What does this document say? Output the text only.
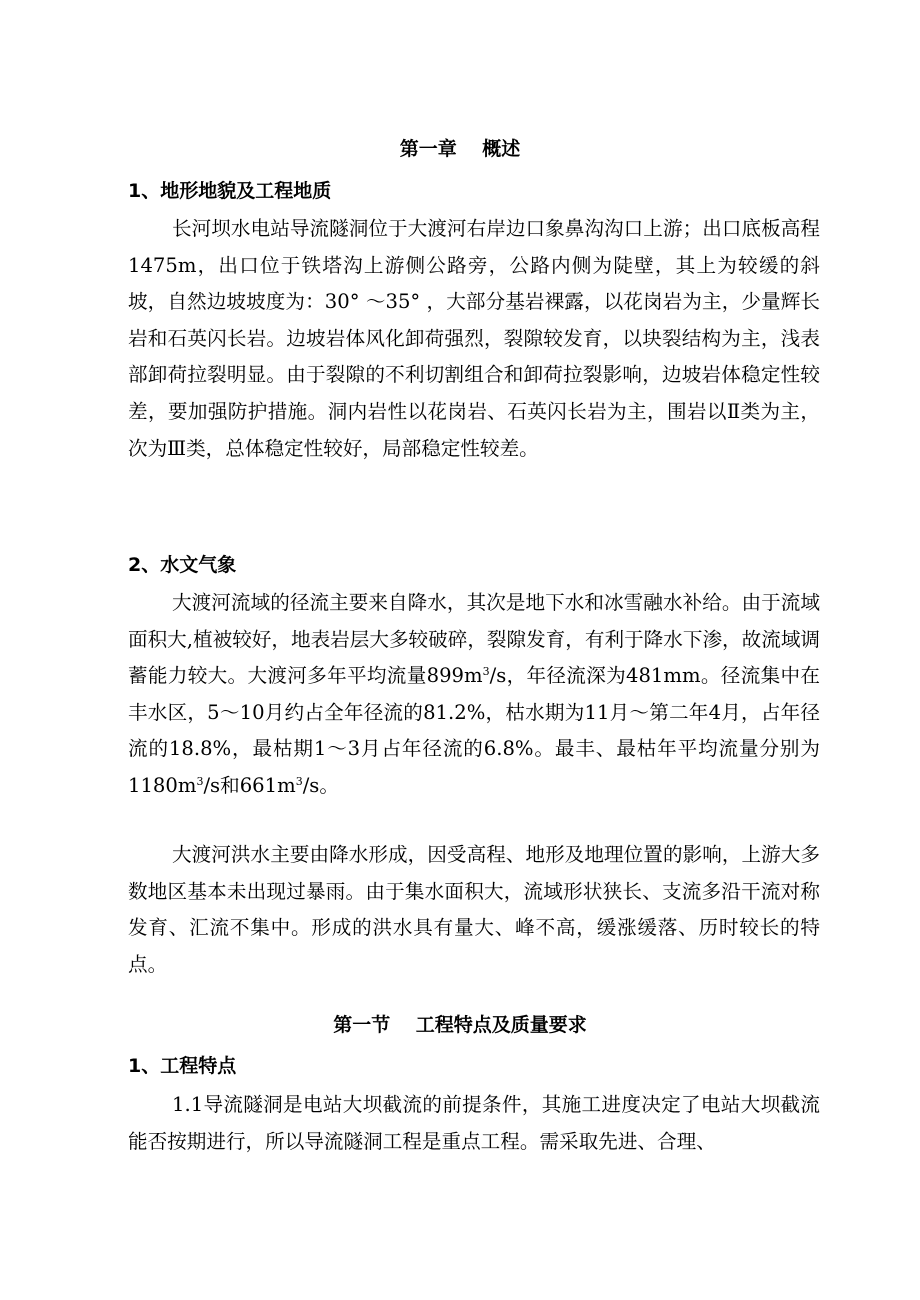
第一章　 概述
1、地形地貌及工程地质

长河坝水电站导流隧洞位于大渡河右岸边口象鼻沟沟口上游；出口底板高程1475m，出口位于铁塔沟上游侧公路旁，公路内侧为陡壁，其上为较缓的斜坡，自然边坡坡度为：30° ～35° ，大部分基岩裸露，以花岗岩为主，少量辉长岩和石英闪长岩。边坡岩体风化卸荷强烈，裂隙较发育，以块裂结构为主，浅表部卸荷拉裂明显。由于裂隙的不利切割组合和卸荷拉裂影响，边坡岩体稳定性较差，要加强防护措施。洞内岩性以花岗岩、石英闪长岩为主，围岩以Ⅱ类为主，次为Ⅲ类，总体稳定性较好，局部稳定性较差。

2、水文气象

大渡河流域的径流主要来自降水，其次是地下水和冰雪融水补给。由于流域面积大,植被较好，地表岩层大多较破碎，裂隙发育，有利于降水下渗，故流域调蓄能力较大。大渡河多年平均流量$899m^3/s$，年径流深为481mm。径流集中在丰水区，5～10月约占全年径流的81.2%，枯水期为11月～第二年4月，占年径流的18.8%，最枯期1～3月占年径流的6.8%。最丰、最枯年平均流量分别为$1180m^3/s$和$661m^3/s$。

大渡河洪水主要由降水形成，因受高程、地形及地理位置的影响，上游大多数地区基本未出现过暴雨。由于集水面积大，流域形状狭长、支流多沿干流对称发育、汇流不集中。形成的洪水具有量大、峰不高，缓涨缓落、历时较长的特点。

第一节　 工程特点及质量要求
1、工程特点

1.1导流隧洞是电站大坝截流的前提条件，其施工进度决定了电站大坝截流能否按期进行，所以导流隧洞工程是重点工程。需采取先进、合理、
